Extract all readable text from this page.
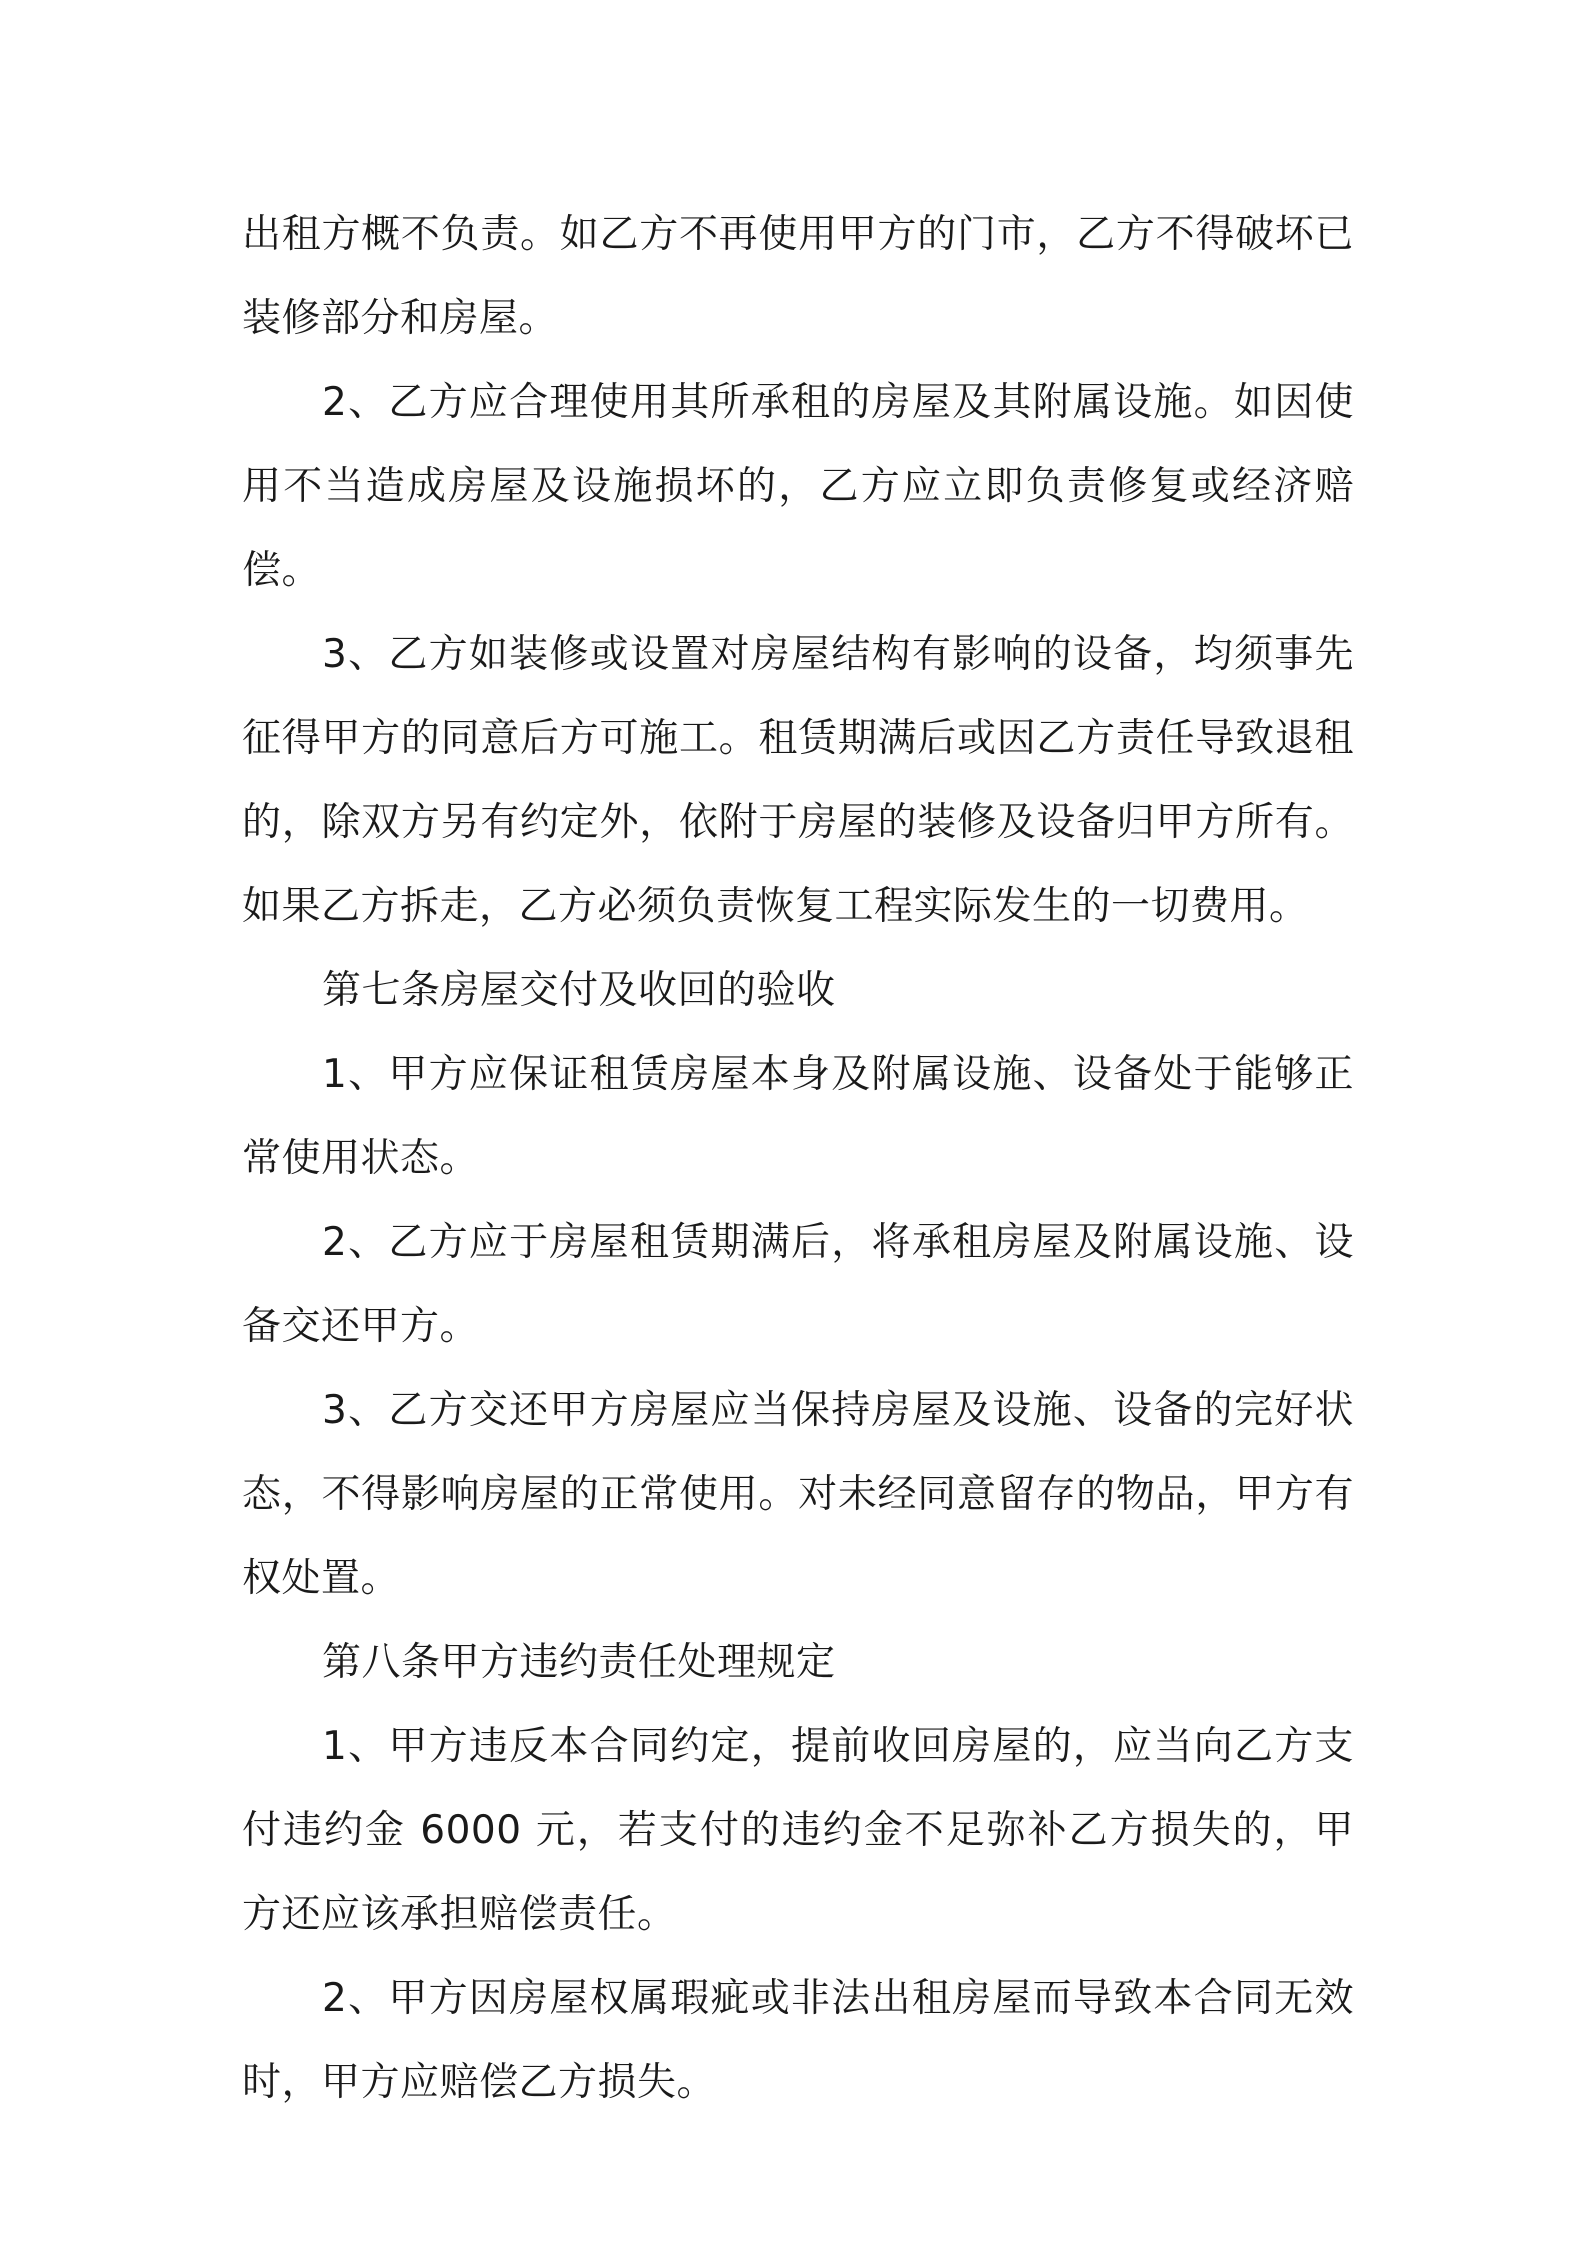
出租方概不负责。如乙方不再使用甲方的门市，乙方不得破坏已装修部分和房屋。

2、乙方应合理使用其所承租的房屋及其附属设施。如因使用不当造成房屋及设施损坏的，乙方应立即负责修复或经济赔偿。

3、乙方如装修或设置对房屋结构有影响的设备，均须事先征得甲方的同意后方可施工。租赁期满后或因乙方责任导致退租的，除双方另有约定外，依附于房屋的装修及设备归甲方所有。如果乙方拆走，乙方必须负责恢复工程实际发生的一切费用。

第七条房屋交付及收回的验收

1、甲方应保证租赁房屋本身及附属设施、设备处于能够正常使用状态。

2、乙方应于房屋租赁期满后，将承租房屋及附属设施、设备交还甲方。

3、乙方交还甲方房屋应当保持房屋及设施、设备的完好状态，不得影响房屋的正常使用。对未经同意留存的物品，甲方有权处置。

第八条甲方违约责任处理规定

1、甲方违反本合同约定，提前收回房屋的，应当向乙方支付违约金 6000 元，若支付的违约金不足弥补乙方损失的，甲方还应该承担赔偿责任。

2、甲方因房屋权属瑕疵或非法出租房屋而导致本合同无效时，甲方应赔偿乙方损失。
